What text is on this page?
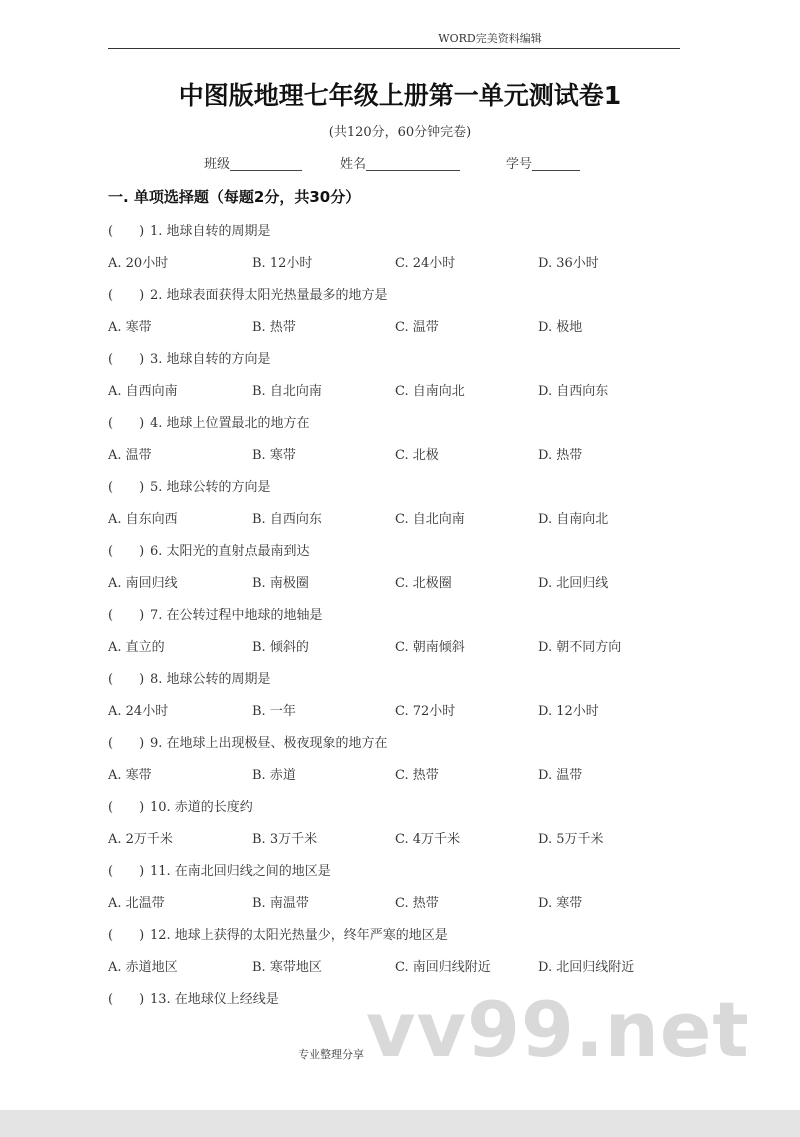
WORD完美资料编辑
中图版地理七年级上册第一单元测试卷1
(共120分，60分钟完卷)
班级	姓名	学号
一. 单项选择题（每题2分，共30分）
(　　) 1. 地球自转的周期是
A. 20小时	B. 12小时	C. 24小时	D. 36小时
(　　) 2. 地球表面获得太阳光热量最多的地方是
A. 寒带	B. 热带	C. 温带	D. 极地
(　　) 3. 地球自转的方向是
A. 自西向南	B. 自北向南	C. 自南向北	D. 自西向东
(　　) 4. 地球上位置最北的地方在
A. 温带	B. 寒带	C. 北极	D. 热带
(　　) 5. 地球公转的方向是
A. 自东向西	B. 自西向东	C. 自北向南	D. 自南向北
(　　) 6. 太阳光的直射点最南到达
A. 南回归线	B. 南极圈	C. 北极圈	D. 北回归线
(　　) 7. 在公转过程中地球的地轴是
A. 直立的	B. 倾斜的	C. 朝南倾斜	D. 朝不同方向
(　　) 8. 地球公转的周期是
A. 24小时	B. 一年	C. 72小时	D. 12小时
(　　) 9. 在地球上出现极昼、极夜现象的地方在
A. 寒带	B. 赤道	C. 热带	D. 温带
(　　) 10. 赤道的长度约
A. 2万千米	B. 3万千米	C. 4万千米	D. 5万千米
(　　) 11. 在南北回归线之间的地区是
A. 北温带	B. 南温带	C. 热带	D. 寒带
(　　) 12. 地球上获得的太阳光热量少，终年严寒的地区是
A. 赤道地区	B. 寒带地区	C. 南回归线附近	D. 北回归线附近
(　　) 13. 在地球仪上经线是
专业整理分享 vv99.net
